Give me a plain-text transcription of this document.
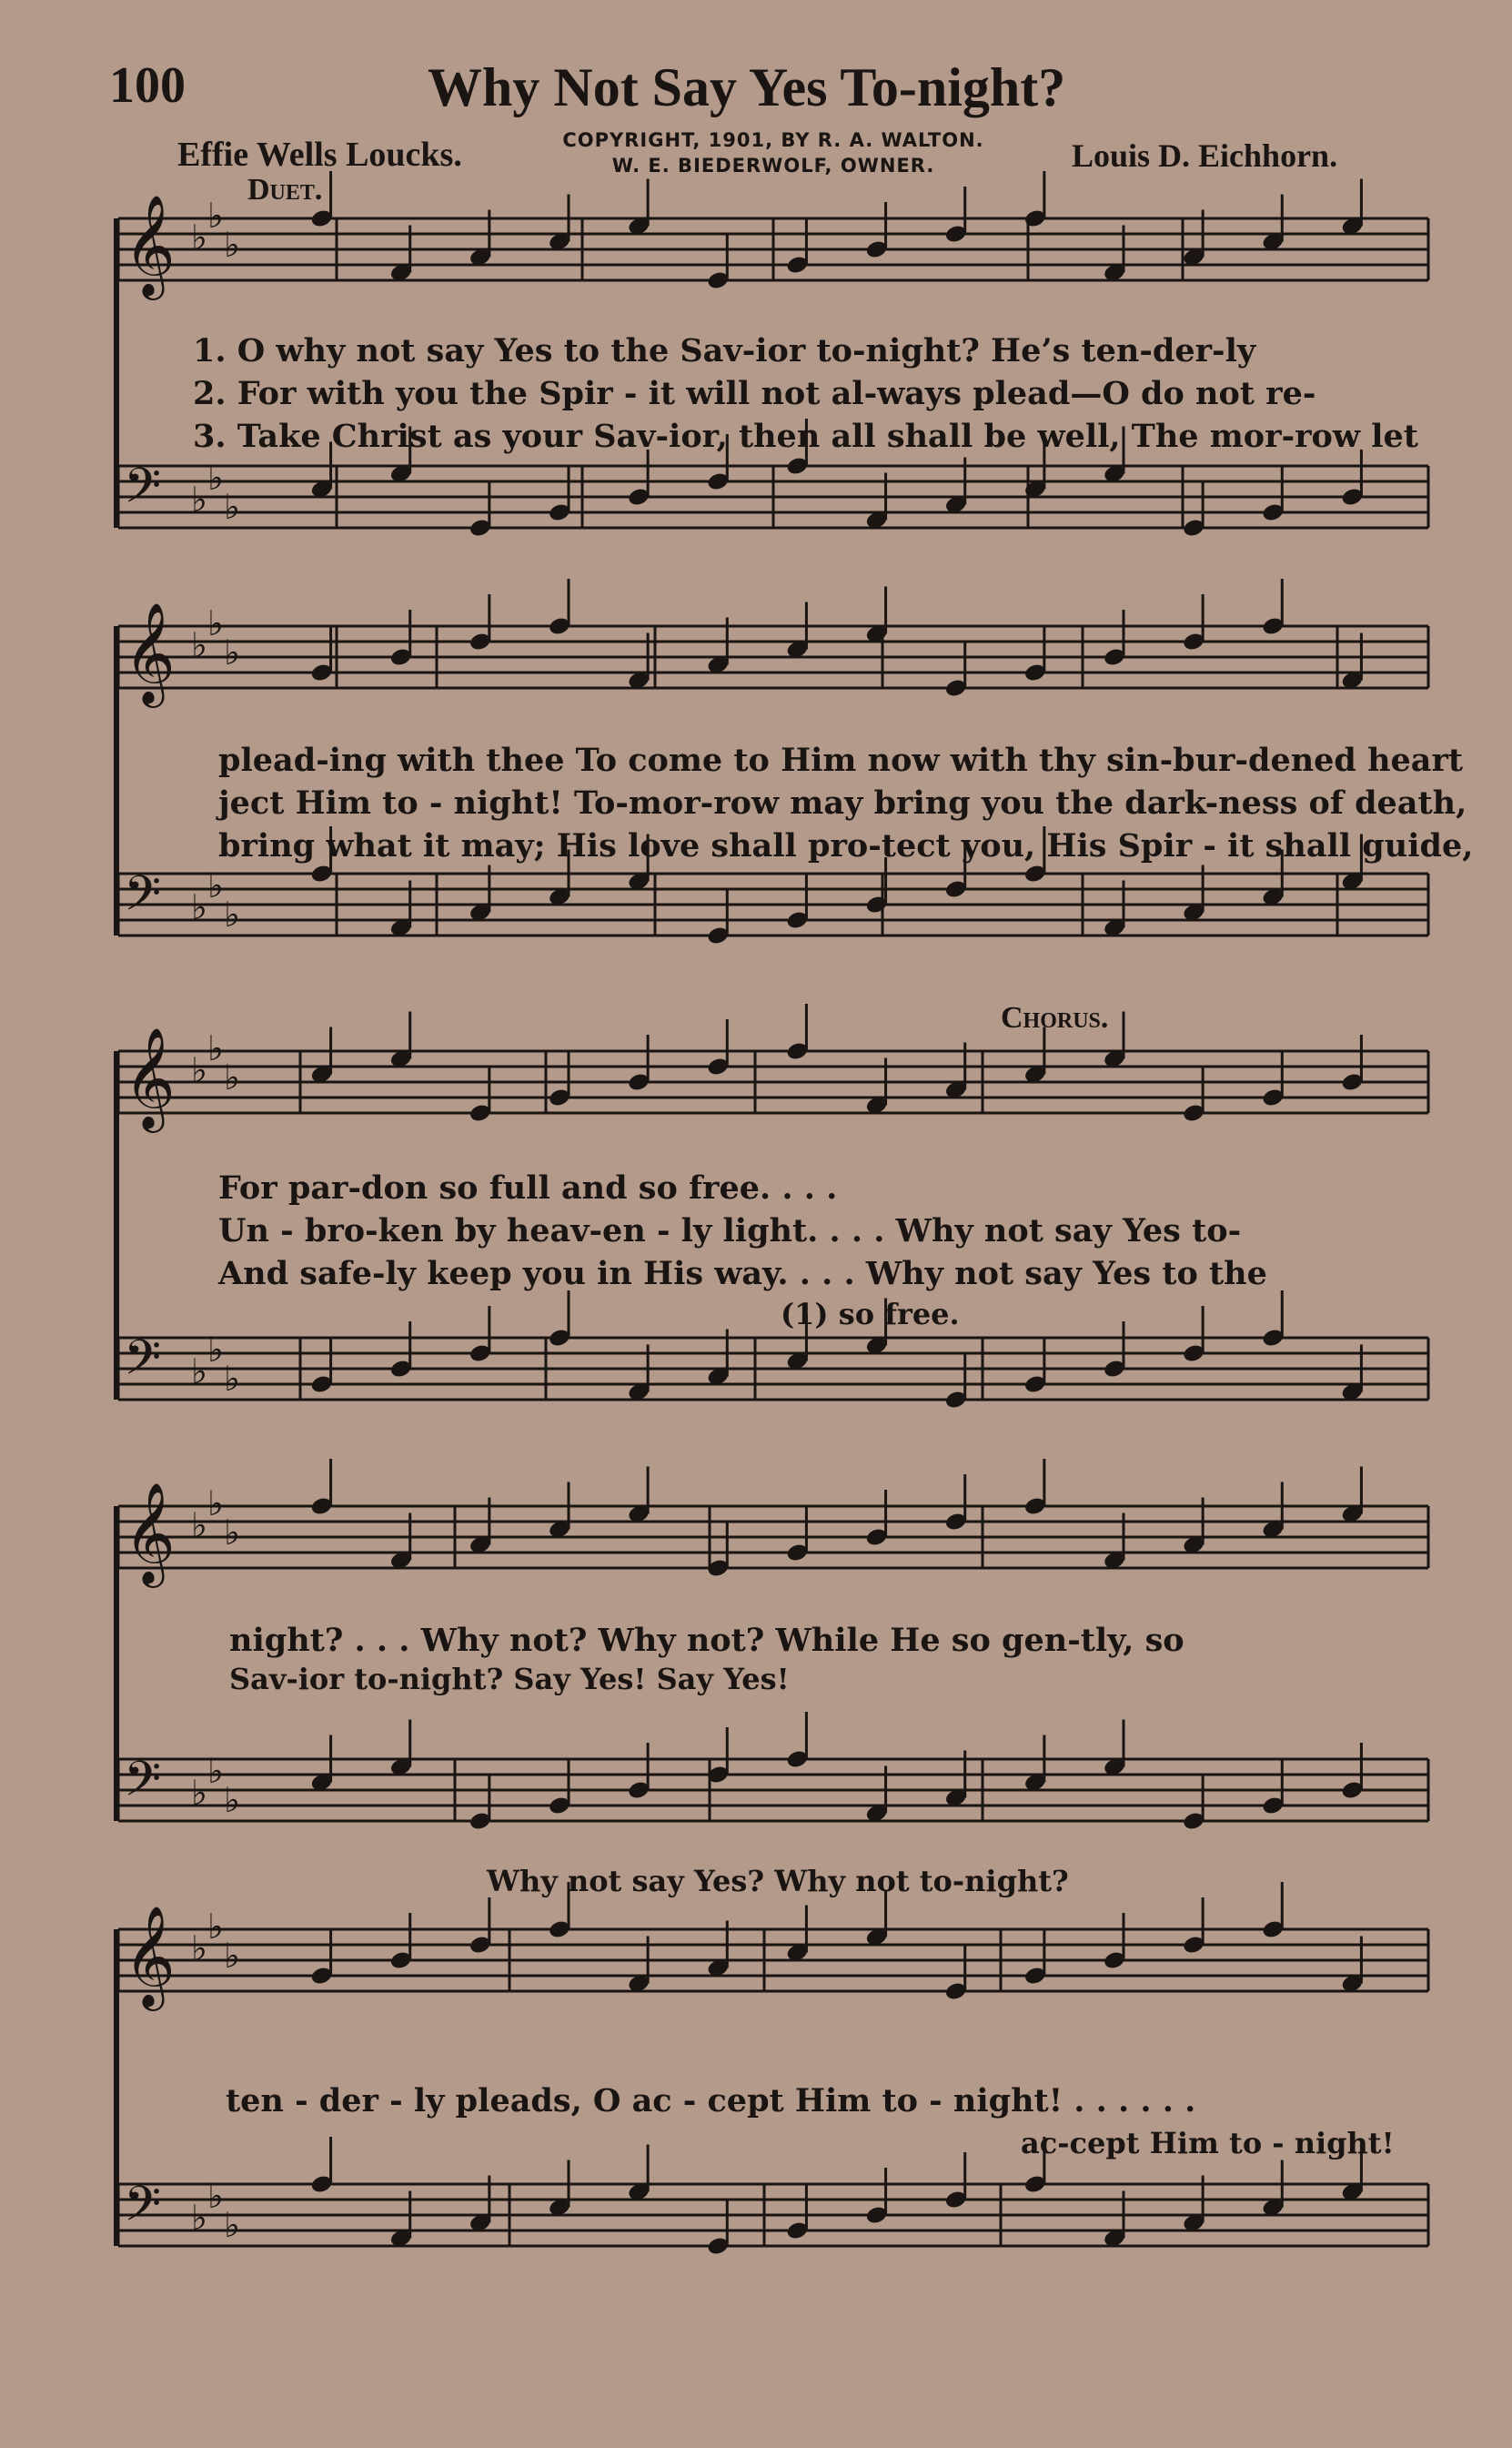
100	Why Not Say Yes To-night?
Effie Wells Loucks.	COPYRIGHT, 1901, BY R. A. WALTON.
W. E. BIEDERWOLF, OWNER.	Louis D. Eichhorn.
Duet.
Chorus.
𝄞 ♭
♭
♭
𝄢 ♭
♭
♭
𝄞 ♭
♭
♭
𝄢 ♭
♭
♭
𝄞 ♭
♭
♭
𝄢 ♭
♭
♭
𝄞 ♭
♭
♭
𝄢 ♭
♭
♭
𝄞 ♭
♭
♭
𝄢 ♭
♭
♭
1. O why not say Yes to the Sav-ior to-night? He’s ten-der-ly
2. For with you the Spir - it will not al-ways plead—O do not re-
3. Take Christ as your Sav-ior, then all shall be well, The mor-row let
plead-ing with thee To come to Him now with thy sin-bur-dened heart
ject Him to - night! To-mor-row may bring you the dark-ness of death,
bring what it may; His love shall pro-tect you, His Spir - it shall guide,
For par-don so full and so free. . . .
Un - bro-ken by heav-en - ly light. . . . Why not say Yes to-
And safe-ly keep you in His way. . . . Why not say Yes to the
(1) so free.
night? . . . Why not? Why not? While He so gen-tly, so
Sav-ior to-night? Say Yes! Say Yes!
Why not say Yes? Why not to-night?
ten - der - ly pleads, O ac - cept Him to - night! . . . . . .
ac-cept Him to - night!
